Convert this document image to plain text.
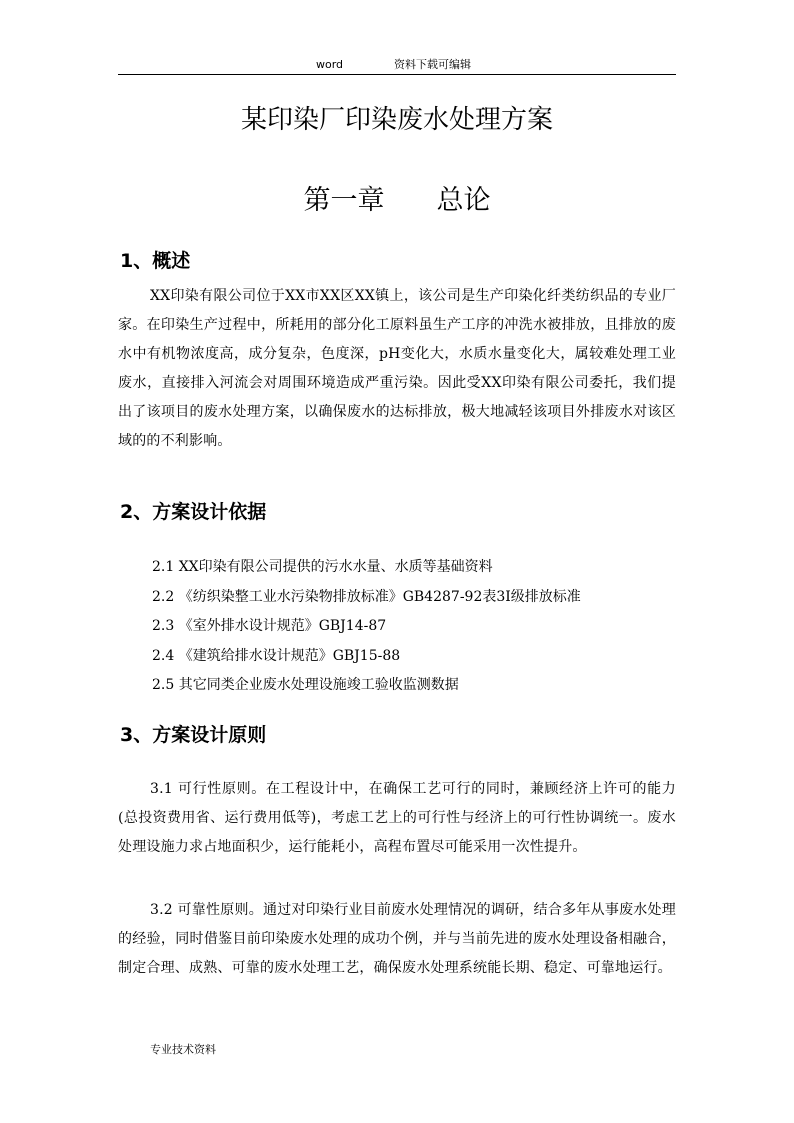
word	资料下载可编辑
某印染厂印染废水处理方案
第一章 总论
1、概述

XX印染有限公司位于XX市XX区XX镇上，该公司是生产印染化纤类纺织品的专业厂家。在印染生产过程中，所耗用的部分化工原料虽生产工序的冲洗水被排放，且排放的废水中有机物浓度高，成分复杂，色度深，pH变化大，水质水量变化大，属较难处理工业废水，直接排入河流会对周围环境造成严重污染。因此受XX印染有限公司委托，我们提出了该项目的废水处理方案，以确保废水的达标排放，极大地减轻该项目外排废水对该区域的的不利影响。

2、方案设计依据
2.1 XX印染有限公司提供的污水水量、水质等基础资料
2.2 《纺织染整工业水污染物排放标准》GB4287-92表3Ⅰ级排放标准
2.3 《室外排水设计规范》GBJ14-87
2.4 《建筑给排水设计规范》GBJ15-88
2.5 其它同类企业废水处理设施竣工验收监测数据
3、方案设计原则

3.1 可行性原则。在工程设计中，在确保工艺可行的同时，兼顾经济上许可的能力(总投资费用省、运行费用低等)，考虑工艺上的可行性与经济上的可行性协调统一。废水处理设施力求占地面积少，运行能耗小，高程布置尽可能采用一次性提升。

3.2 可靠性原则。通过对印染行业目前废水处理情况的调研，结合多年从事废水处理的经验，同时借鉴目前印染废水处理的成功个例，并与当前先进的废水处理设备相融合，制定合理、成熟、可靠的废水处理工艺，确保废水处理系统能长期、稳定、可靠地运行。

专业技术资料
